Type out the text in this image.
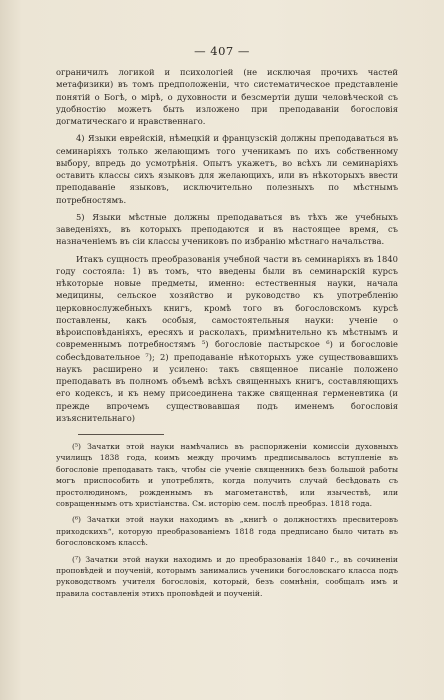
— 407 —

ограничилъ логикой и психологіей (не исключая прочихъ частей метафизики) въ томъ предположеніи, что систематическое представленіе понятій о Богѣ, о мірѣ, о духовности и безсмертіи души человѣческой съ удобностію можетъ быть изложено при преподаваніи богословія догматическаго и нравственнаго.

4) Языки еврейскій, нѣмецкій и французскій должны преподаваться въ семинаріяхъ только желающимъ того ученикамъ по ихъ собственному выбору, впредь до усмотрѣнія. Опытъ укажетъ, во всѣхъ ли семинаріяхъ оставить классы сихъ языковъ для желающихъ, или въ нѣкоторыхъ ввести преподаваніе языковъ, исключительно полезныхъ по мѣстнымъ потребностямъ.

5) Языки мѣстные должны преподаваться въ тѣхъ же учебныхъ заведеніяхъ, въ которыхъ преподаются и въ настоящее время, съ назначеніемъ въ сіи классы учениковъ по избранію мѣстнаго начальства.

Итакъ сущность преобразованія учебной части въ семинаріяхъ въ 1840 году состояла: 1) въ томъ, что введены были въ семинарскій курсъ нѣкоторые новые предметы, именно: естественныя науки, начала медицины, сельское хозяйство и руководство къ употребленію церковнослужебныхъ книгъ, кромѣ того въ богословскомъ курсѣ поставлены, какъ особыя, самостоятельныя науки: ученіе о вѣроисповѣданіяхъ, ересяхъ и расколахъ, примѣнительно къ мѣстнымъ и современнымъ потребностямъ ⁵) богословіе пастырское ⁶) и богословіе собесѣдовательное ⁷); 2) преподаваніе нѣкоторыхъ уже существовавшихъ наукъ расширено и усилено: такъ священное писаніе положено преподавать въ полномъ объемѣ всѣхъ священныхъ книгъ, составляющихъ его кодексъ, и къ нему присоединена также священная герменевтика (и прежде впрочемъ существовавшая подъ именемъ богословія изъяснительнаго)

(⁵) Зачатки этой науки намѣчались въ распоряженіи комиссіи духовныхъ училищъ 1838 года, коимъ между прочимъ предписывалось вступленіе въ богословіе преподавать такъ, чтобы сіе ученіе священникъ безъ большой работы могъ приспособить и употреблять, когда получить случай бесѣдовать съ простолюдиномъ, рожденнымъ въ магометанствѣ, или язычествѣ, или совращеннымъ отъ христіанства. См. исторію сем. послѣ преобраз. 1818 года.

(⁶) Зачатки этой науки находимъ въ „книгѣ о должностяхъ пресвитеровъ приходскихъ“, которую преобразованіемъ 1818 года предписано было читать въ богословскомъ классѣ.

(⁷) Зачатки этой науки находимъ и до преобразованія 1840 г., въ сочиненіи проповѣдей и поученій, которымъ занимались ученики богословскаго класса подъ руководствомъ учителя богословія, который, безъ сомнѣнія, сообщалъ имъ и правила составленія этихъ проповѣдей и поученій.
